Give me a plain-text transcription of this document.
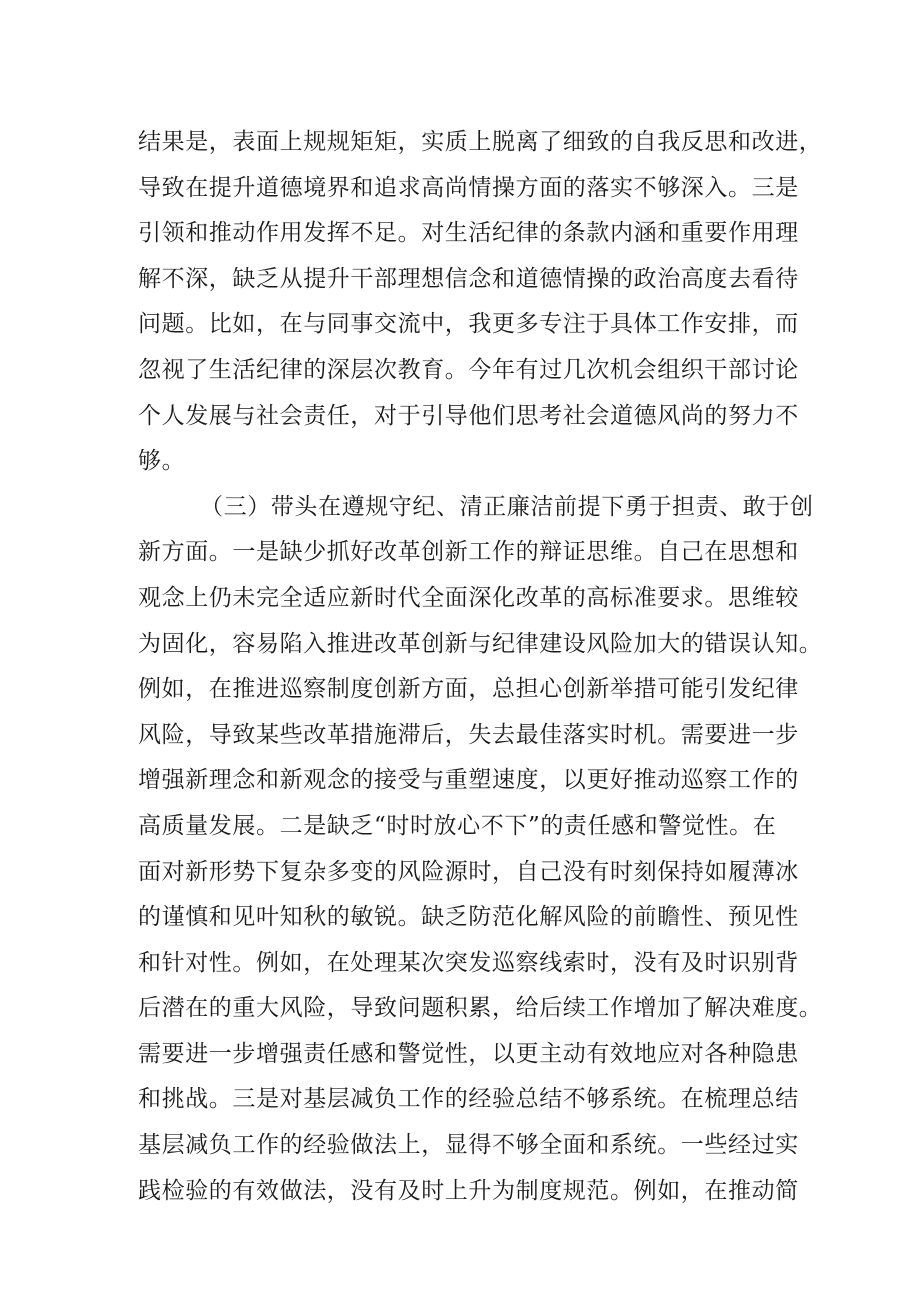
结果是，表面上规规矩矩，实质上脱离了细致的自我反思和改进，
导致在提升道德境界和追求高尚情操方面的落实不够深入。三是
引领和推动作用发挥不足。对生活纪律的条款内涵和重要作用理
解不深，缺乏从提升干部理想信念和道德情操的政治高度去看待
问题。比如，在与同事交流中，我更多专注于具体工作安排，而
忽视了生活纪律的深层次教育。今年有过几次机会组织干部讨论
个人发展与社会责任，对于引导他们思考社会道德风尚的努力不
够。
（三）带头在遵规守纪、清正廉洁前提下勇于担责、敢于创
新方面。一是缺少抓好改革创新工作的辩证思维。自己在思想和
观念上仍未完全适应新时代全面深化改革的高标准要求。思维较
为固化，容易陷入推进改革创新与纪律建设风险加大的错误认知。
例如，在推进巡察制度创新方面，总担心创新举措可能引发纪律
风险，导致某些改革措施滞后，失去最佳落实时机。需要进一步
增强新理念和新观念的接受与重塑速度，以更好推动巡察工作的
高质量发展。二是缺乏“时时放心不下”的责任感和警觉性。在
面对新形势下复杂多变的风险源时，自己没有时刻保持如履薄冰
的谨慎和见叶知秋的敏锐。缺乏防范化解风险的前瞻性、预见性
和针对性。例如，在处理某次突发巡察线索时，没有及时识别背
后潜在的重大风险，导致问题积累，给后续工作增加了解决难度。
需要进一步增强责任感和警觉性，以更主动有效地应对各种隐患
和挑战。三是对基层减负工作的经验总结不够系统。在梳理总结
基层减负工作的经验做法上，显得不够全面和系统。一些经过实
践检验的有效做法，没有及时上升为制度规范。例如，在推动简
